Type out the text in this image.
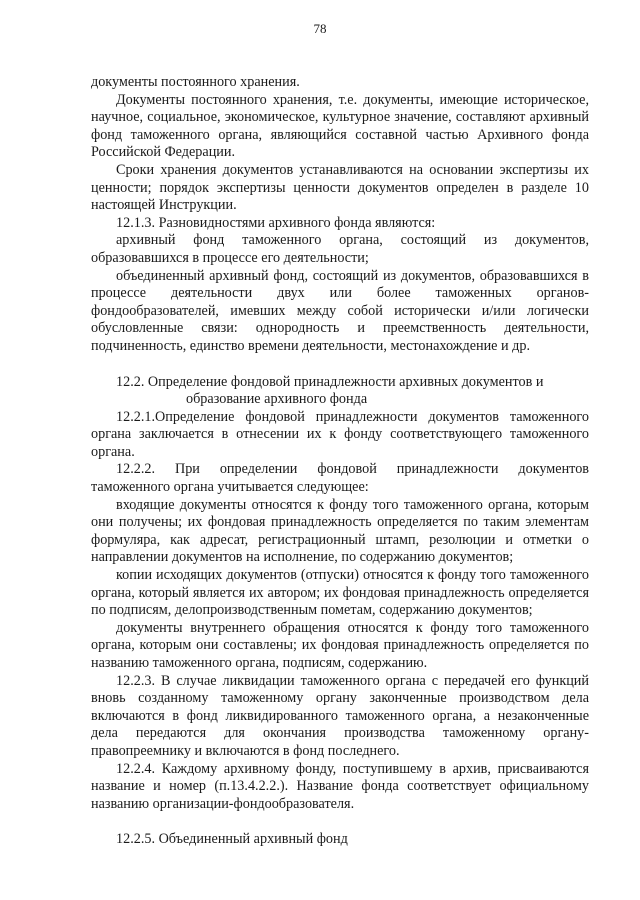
78

документы постоянного хранения.

Документы постоянного хранения, т.е. документы, имеющие историческое, научное, социальное, экономическое, культурное значение, составляют архивный фонд таможенного органа, являющийся составной частью Архивного фонда Российской Федерации.

Сроки хранения документов устанавливаются на основании экспертизы их ценности; порядок экспертизы ценности документов определен в разделе 10 настоящей Инструкции.

12.1.3. Разновидностями архивного фонда являются:

архивный фонд таможенного органа, состоящий из документов, образовавшихся в процессе его деятельности;

объединенный архивный фонд, состоящий из документов, образовавшихся в процессе деятельности двух или более таможенных органов- фондообразователей, имевших между собой исторически и/или логически обусловленные связи: однородность и преемственность деятельности, подчиненность, единство времени деятельности, местонахождение и др.

12.2. Определение фондовой принадлежности архивных документов и

образование архивного фонда

12.2.1.Определение фондовой принадлежности документов таможенного органа заключается в отнесении их к фонду соответствующего таможенного органа.

12.2.2. При определении фондовой принадлежности документов таможенного органа учитывается следующее:

входящие документы относятся к фонду того таможенного органа, которым они получены; их фондовая принадлежность определяется по таким элементам формуляра, как адресат, регистрационный штамп, резолюции и отметки о направлении документов на исполнение, по содержанию документов;

копии исходящих документов (отпуски) относятся к фонду того таможенного органа, который является их автором; их фондовая принадлежность определяется по подписям, делопроизводственным пометам, содержанию документов;

документы внутреннего обращения относятся к фонду того таможенного органа, которым они составлены; их фондовая принадлежность определяется по названию таможенного органа, подписям, содержанию.

12.2.3. В случае ликвидации таможенного органа с передачей его функций вновь созданному таможенному органу законченные производством дела включаются в фонд ликвидированного таможенного органа, а незаконченные дела передаются для окончания производства таможенному органу-правопреемнику и включаются в фонд последнего.

12.2.4. Каждому архивному фонду, поступившему в архив, присваиваются название и номер (п.13.4.2.2.). Название фонда соответствует официальному названию организации-фондообразователя.

12.2.5. Объединенный архивный фонд
